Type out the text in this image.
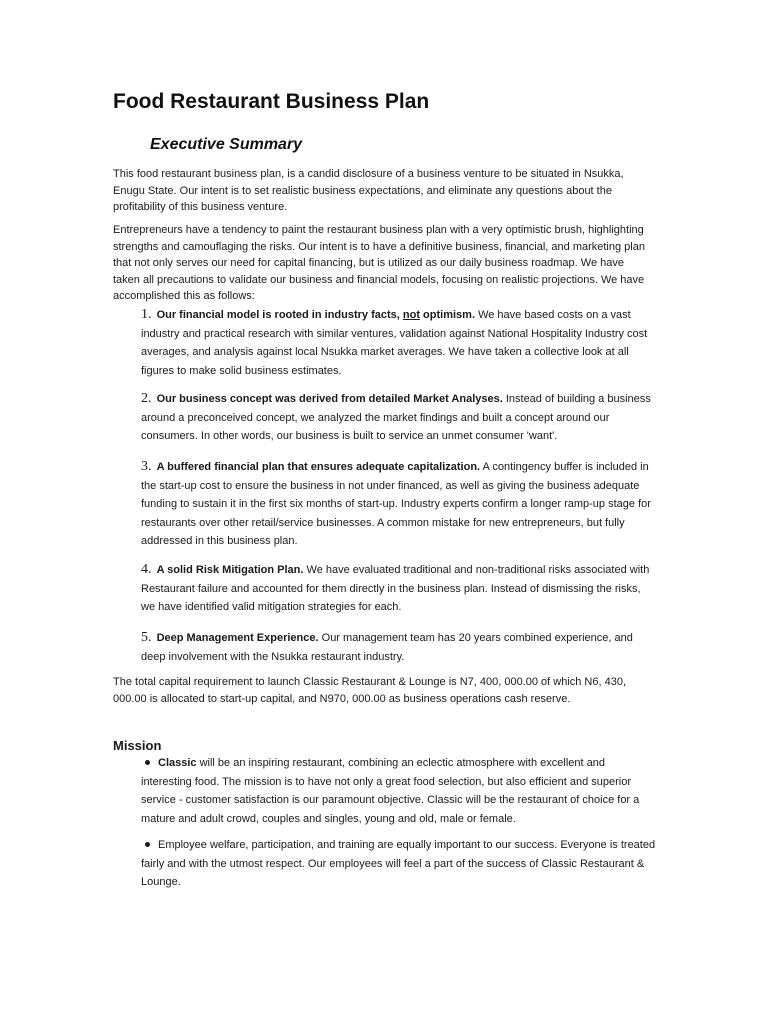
Food Restaurant Business Plan
Executive Summary

This food restaurant business plan, is a candid disclosure of a business venture to be situated in Nsukka, Enugu State. Our intent is to set realistic business expectations, and eliminate any questions about the profitability of this business venture.

Entrepreneurs have a tendency to paint the restaurant business plan with a very optimistic brush, highlighting strengths and camouflaging the risks. Our intent is to have a definitive business, financial, and marketing plan that not only serves our need for capital financing, but is utilized as our daily business roadmap. We have taken all precautions to validate our business and financial models, focusing on realistic projections. We have accomplished this as follows:

1. Our financial model is rooted in industry facts, not optimism. We have based costs on a vast industry and practical research with similar ventures, validation against National Hospitality Industry cost averages, and analysis against local Nsukka market averages. We have taken a collective look at all figures to make solid business estimates.

2. Our business concept was derived from detailed Market Analyses. Instead of building a business around a preconceived concept, we analyzed the market findings and built a concept around our consumers. In other words, our business is built to service an unmet consumer 'want'.

3. A buffered financial plan that ensures adequate capitalization. A contingency buffer is included in the start-up cost to ensure the business in not under financed, as well as giving the business adequate funding to sustain it in the first six months of start-up. Industry experts confirm a longer ramp-up stage for restaurants over other retail/service businesses. A common mistake for new entrepreneurs, but fully addressed in this business plan.

4. A solid Risk Mitigation Plan. We have evaluated traditional and non-traditional risks associated with Restaurant failure and accounted for them directly in the business plan. Instead of dismissing the risks, we have identified valid mitigation strategies for each.

5. Deep Management Experience. Our management team has 20 years combined experience, and deep involvement with the Nsukka restaurant industry.

The total capital requirement to launch Classic Restaurant & Lounge is N7, 400, 000.00 of which N6, 430, 000.00 is allocated to start-up capital, and N970, 000.00 as business operations cash reserve.

Mission

Classic will be an inspiring restaurant, combining an eclectic atmosphere with excellent and interesting food. The mission is to have not only a great food selection, but also efficient and superior service - customer satisfaction is our paramount objective. Classic will be the restaurant of choice for a mature and adult crowd, couples and singles, young and old, male or female.

Employee welfare, participation, and training are equally important to our success. Everyone is treated fairly and with the utmost respect. Our employees will feel a part of the success of Classic Restaurant & Lounge.
